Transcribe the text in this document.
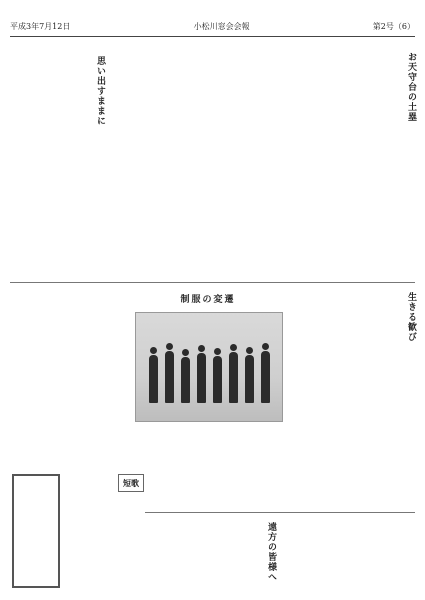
平成3年7月12日	小松川窓会会報	第2号（6）
お天守台の土塁
思い出すままに
生きる歓び
制服の変遷
短歌
遠方の皆様へ
